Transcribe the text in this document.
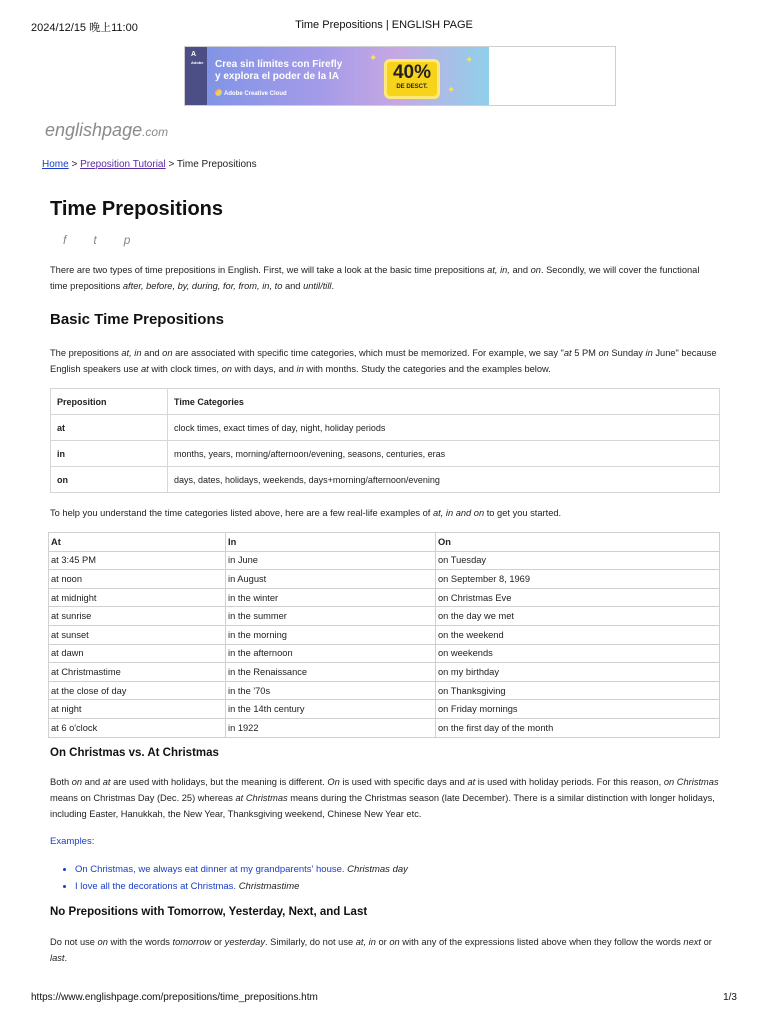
2024/12/15 晚上11:00	Time Prepositions | ENGLISH PAGE
A
Adobe Crea sin límites con Firefly
y explora el poder de la IA
Adobe Creative Cloud
✦
✦
✦
40%
DE DESCT.
englishpage.com
Home > Preposition Tutorial > Time Prepositions
Time Prepositions
f t p

There are two types of time prepositions in English. First, we will take a look at the basic time prepositions at, in, and on. Secondly, we will cover the functional time prepositions after, before, by, during, for, from, in, to and until/till.

Basic Time Prepositions

The prepositions at, in and on are associated with specific time categories, which must be memorized. For example, we say "at 5 PM on Sunday in June" because English speakers use at with clock times, on with days, and in with months. Study the categories and the examples below.

Preposition	Time Categories
at	clock times, exact times of day, night, holiday periods
in	months, years, morning/afternoon/evening, seasons, centuries, eras
on	days, dates, holidays, weekends, days+morning/afternoon/evening

To help you understand the time categories listed above, here are a few real-life examples of at, in and on to get you started.

At	In	On
at 3:45 PM	in June	on Tuesday
at noon	in August	on September 8, 1969
at midnight	in the winter	on Christmas Eve
at sunrise	in the summer	on the day we met
at sunset	in the morning	on the weekend
at dawn	in the afternoon	on weekends
at Christmastime	in the Renaissance	on my birthday
at the close of day	in the '70s	on Thanksgiving
at night	in the 14th century	on Friday mornings
at 6 o'clock	in 1922	on the first day of the month
On Christmas vs. At Christmas

Both on and at are used with holidays, but the meaning is different. On is used with specific days and at is used with holiday periods. For this reason, on Christmas means on Christmas Day (Dec. 25) whereas at Christmas means during the Christmas season (late December). There is a similar distinction with longer holidays, including Easter, Hanukkah, the New Year, Thanksgiving weekend, Chinese New Year etc.

Examples:
• On Christmas, we always eat dinner at my grandparents' house. Christmas day
• I love all the decorations at Christmas. Christmastime
No Prepositions with Tomorrow, Yesterday, Next, and Last

Do not use on with the words tomorrow or yesterday. Similarly, do not use at, in or on with any of the expressions listed above when they follow the words next or last.

https://www.englishpage.com/prepositions/time_prepositions.htm	1/3
